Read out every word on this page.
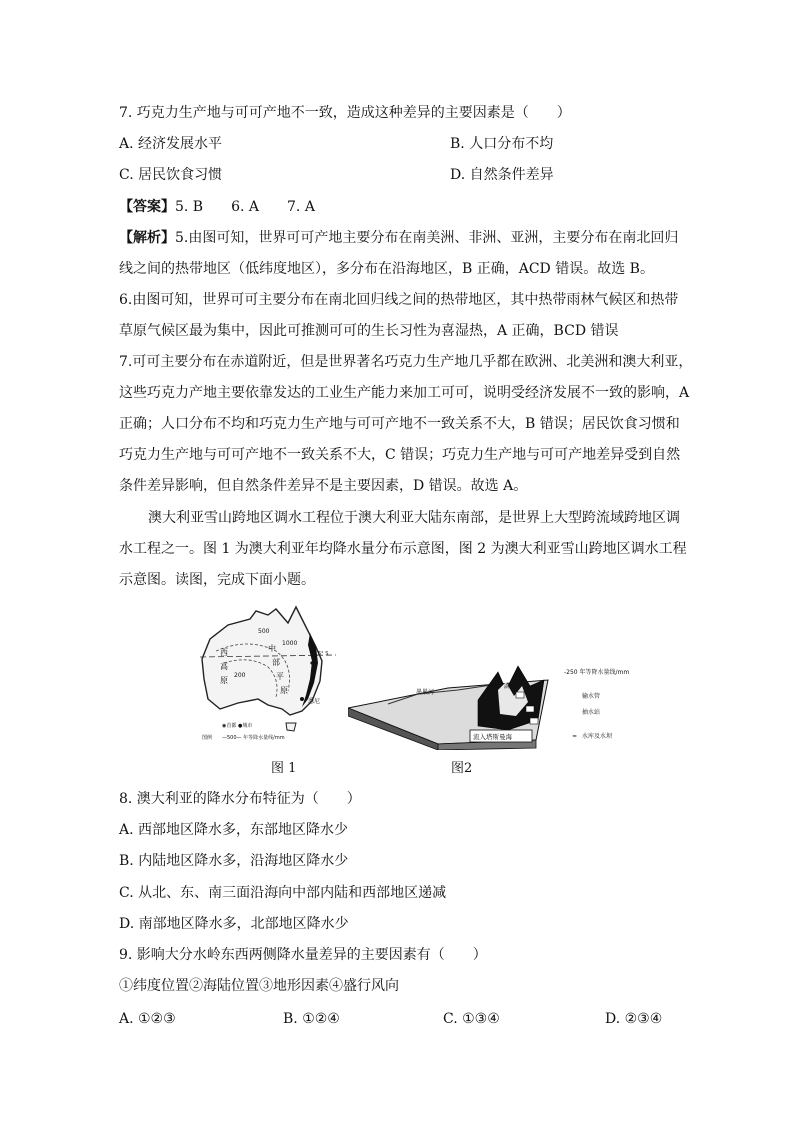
7. 巧克力生产地与可可产地不一致，造成这种差异的主要因素是（　　）
A. 经济发展水平	B. 人口分布不均
C. 居民饮食习惯	D. 自然条件差异
【答案】5. B　　6. A　　7. A
【解析】5.由图可知，世界可可产地主要分布在南美洲、非洲、亚洲，主要分布在南北回归
线之间的热带地区（低纬度地区），多分布在沿海地区，B 正确，ACD 错误。故选 B。
6.由图可知，世界可可主要分布在南北回归线之间的热带地区，其中热带雨林气候区和热带
草原气候区最为集中，因此可推测可可的生长习性为喜湿热，A 正确，BCD 错误
7.可可主要分布在赤道附近，但是世界著名巧克力生产地几乎都在欧洲、北美洲和澳大利亚，
这些巧克力产地主要依靠发达的工业生产能力来加工可可，说明受经济发展不一致的影响，A
正确；人口分布不均和巧克力生产地与可可产地不一致关系不大，B 错误；居民饮食习惯和
巧克力生产地与可可产地不一致关系不大，C 错误；巧克力生产地与可可产地差异受到自然
条件差异影响，但自然条件差异不是主要因素，D 错误。故选 A。
澳大利亚雪山跨地区调水工程位于澳大利亚大陆东南部，是世界上大型跨流域跨地区调
水工程之一。图 1 为澳大利亚年均降水量分布示意图，图 2 为澳大利亚雪山跨地区调水工程
示意图。读图，完成下面小题。
500
200
1000
23.5° S
西
高
原
中
部
平
原
悉尼
图例
◉首都 ●城市
—500— 年等降水量线/mm
墨累河
湖泊
流入塔斯曼海
-250 年等降水量线/mm
输水管
抽水站
≈ 水库及水坝
图 1	图2
8. 澳大利亚的降水分布特征为（　　）
A. 西部地区降水多，东部地区降水少
B. 内陆地区降水多，沿海地区降水少
C. 从北、东、南三面沿海向中部内陆和西部地区递减
D. 南部地区降水多，北部地区降水少
9. 影响大分水岭东西两侧降水量差异的主要因素有（　　）
①纬度位置②海陆位置③地形因素④盛行风向
A. ①②③	B. ①②④	C. ①③④	D. ②③④
